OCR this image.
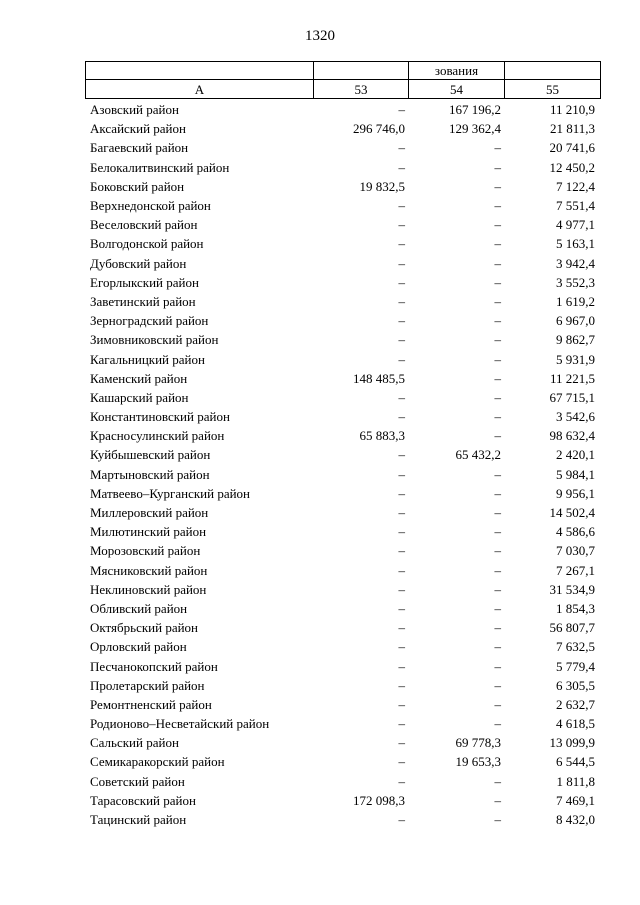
1320
		зования	
А	53	54	55
Азовский район	–	167 196,2	11 210,9
Аксайский район	296 746,0	129 362,4	21 811,3
Багаевский район	–	–	20 741,6
Белокалитвинский район	–	–	12 450,2
Боковский район	19 832,5	–	7 122,4
Верхнедонской район	–	–	7 551,4
Веселовский район	–	–	4 977,1
Волгодонской район	–	–	5 163,1
Дубовский район	–	–	3 942,4
Егорлыкский район	–	–	3 552,3
Заветинский район	–	–	1 619,2
Зерноградский район	–	–	6 967,0
Зимовниковский район	–	–	9 862,7
Кагальницкий район	–	–	5 931,9
Каменский район	148 485,5	–	11 221,5
Кашарский район	–	–	67 715,1
Константиновский район	–	–	3 542,6
Красносулинский район	65 883,3	–	98 632,4
Куйбышевский район	–	65 432,2	2 420,1
Мартыновский район	–	–	5 984,1
Матвеево–Курганский район	–	–	9 956,1
Миллеровский район	–	–	14 502,4
Милютинский район	–	–	4 586,6
Морозовский район	–	–	7 030,7
Мясниковский район	–	–	7 267,1
Неклиновский район	–	–	31 534,9
Обливский район	–	–	1 854,3
Октябрьский район	–	–	56 807,7
Орловский район	–	–	7 632,5
Песчанокопский район	–	–	5 779,4
Пролетарский район	–	–	6 305,5
Ремонтненский район	–	–	2 632,7
Родионово–Несветайский район	–	–	4 618,5
Сальский район	–	69 778,3	13 099,9
Семикаракорский район	–	19 653,3	6 544,5
Советский район	–	–	1 811,8
Тарасовский район	172 098,3	–	7 469,1
Тацинский район	–	–	8 432,0
